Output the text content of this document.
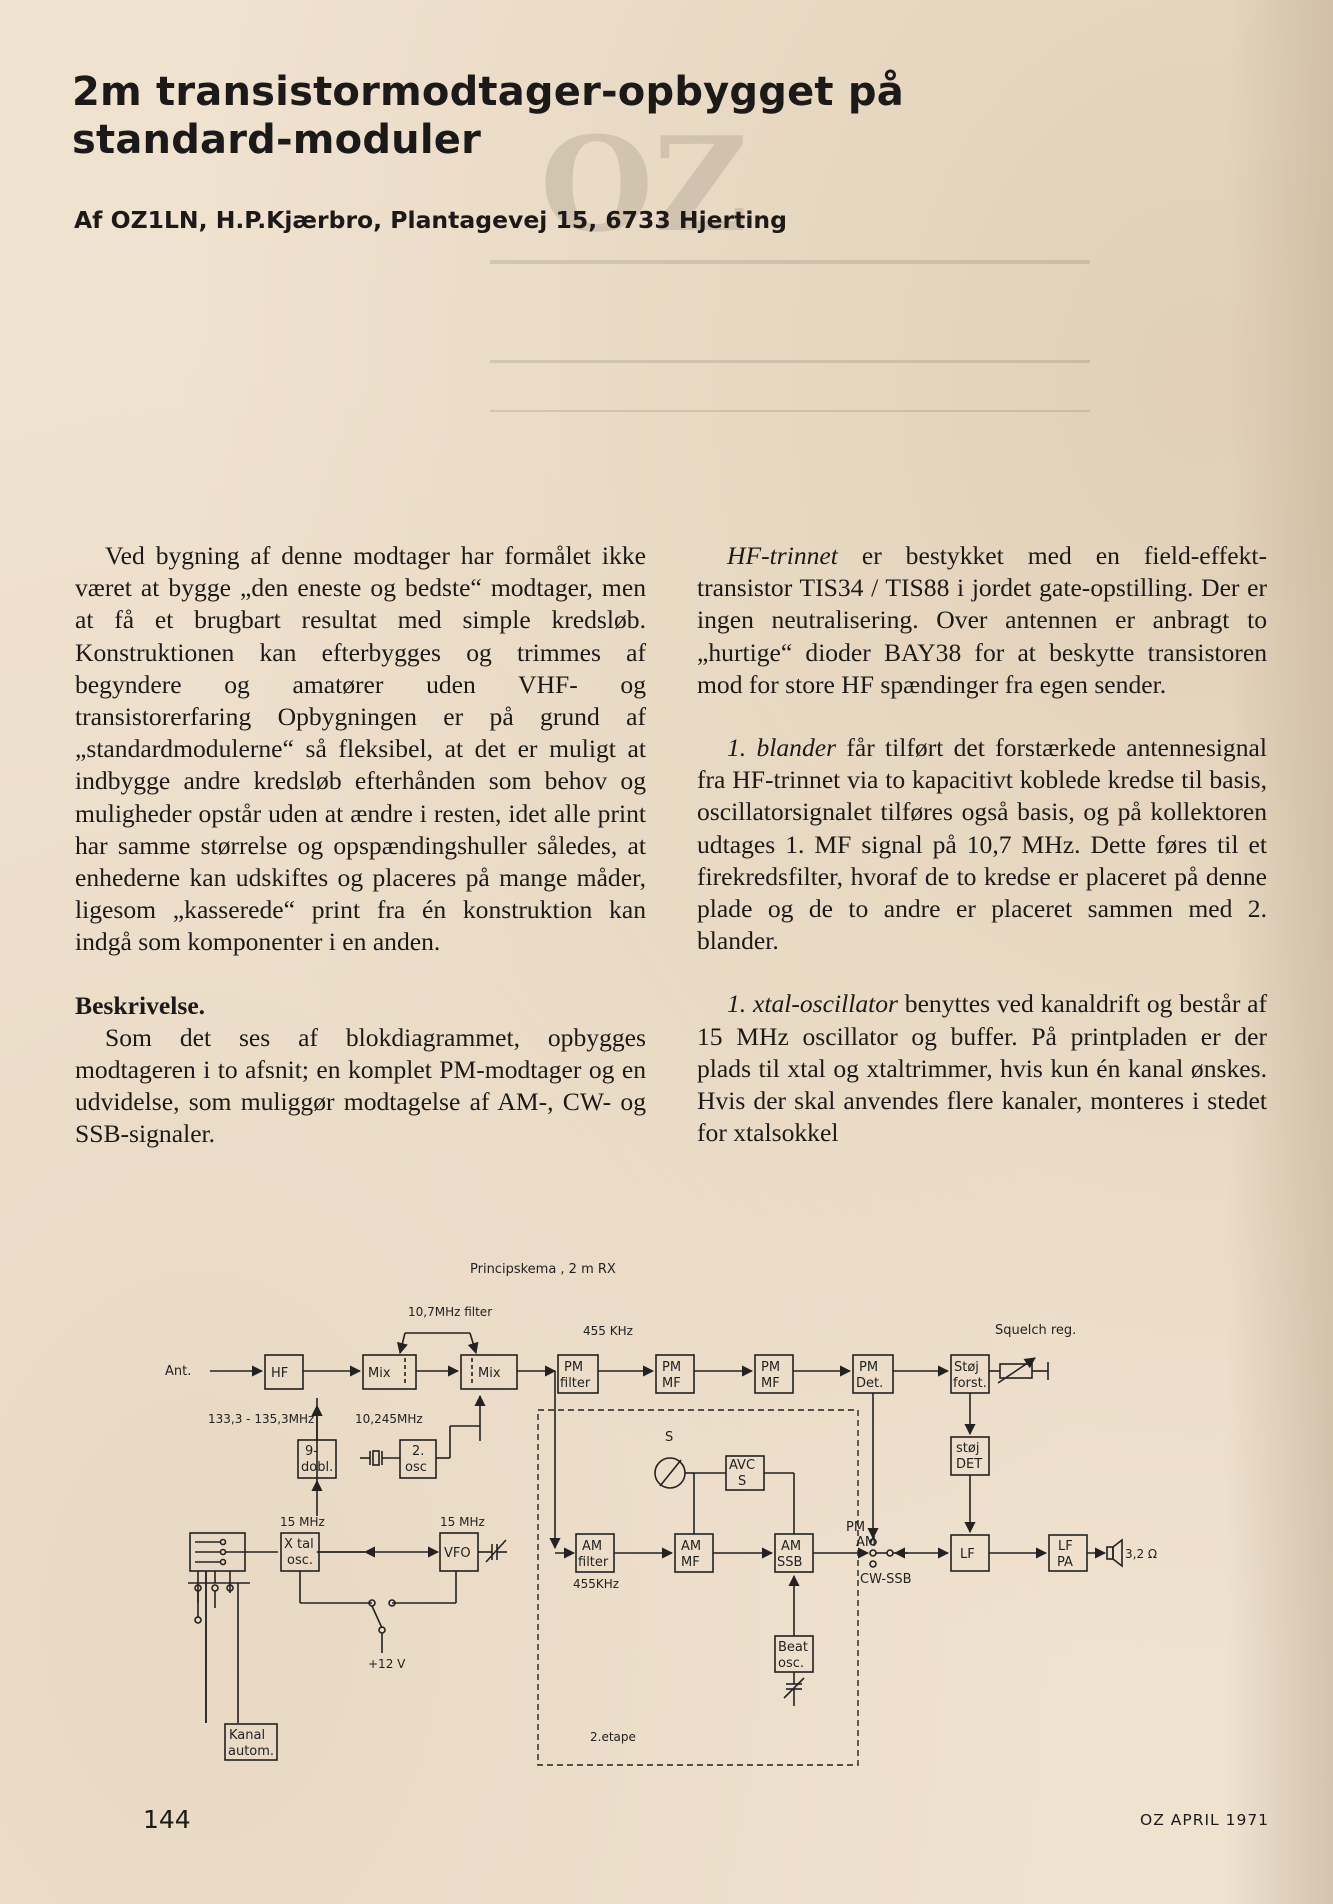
OZ
2m transistormodtager-opbygget på standard-moduler

Af OZ1LN, H.P.Kjærbro, Plantagevej 15, 6733 Hjerting

Ved bygning af denne modtager har formålet ikke været at bygge „den eneste og bedste“ modtager, men at få et brugbart resultat med simple kredsløb. Konstruktionen kan efterbygges og trimmes af begyndere og amatører uden VHF- og transistorerfaring Opbygningen er på grund af „standardmodulerne“ så fleksibel, at det er muligt at indbygge andre kredsløb efterhånden som behov og muligheder opstår uden at ændre i resten, idet alle print har samme størrelse og opspændingshuller således, at enhederne kan udskiftes og placeres på mange måder, ligesom „kasserede“ print fra én konstruktion kan indgå som komponenter i en anden.

Beskrivelse.

Som det ses af blokdiagrammet, opbygges modtageren i to afsnit; en komplet PM-modtager og en udvidelse, som muliggør modtagelse af AM-, CW- og SSB-signaler.

HF-trinnet er bestykket med en field-effekt-transistor TIS34 / TIS88 i jordet gate-opstilling. Der er ingen neutralisering. Over antennen er anbragt to „hurtige“ dioder BAY38 for at beskytte transistoren mod for store HF spændinger fra egen sender.

1. blander får tilført det forstærkede antennesignal fra HF-trinnet via to kapacitivt koblede kredse til basis, oscillatorsignalet tilføres også basis, og på kollektoren udtages 1. MF signal på 10,7 MHz. Dette føres til et firekredsfilter, hvoraf de to kredse er placeret på denne plade og de to andre er placeret sammen med 2. blander.

1. xtal-oscillator benyttes ved kanaldrift og består af 15 MHz oscillator og buffer. På printpladen er der plads til xtal og xtaltrimmer, hvis kun én kanal ønskes. Hvis der skal anvendes flere kanaler, monteres i stedet for xtalsokkel

Principskema , 2 m RX
Ant.	HF	Mix	Mix
10,7MHz filter
455 KHz
PM
filter
PM
MF
PM
MF
PM
Det.
Støj
forst.
Squelch reg.
133,3 - 135,3MHz	10,245MHz
9-
dobl.
2.
osc
15 MHz	15 MHz
X tal
osc.	VFO
+12 V
Kanal
autom.
2.etape
AM
filter
455KHz
AM
MF
AM
SSB
S
AVC
S
Beat
osc.
PM
AM
CW-SSB
støj
DET
LF
LF
PA
3,2 Ω

144	OZ APRIL 1971
